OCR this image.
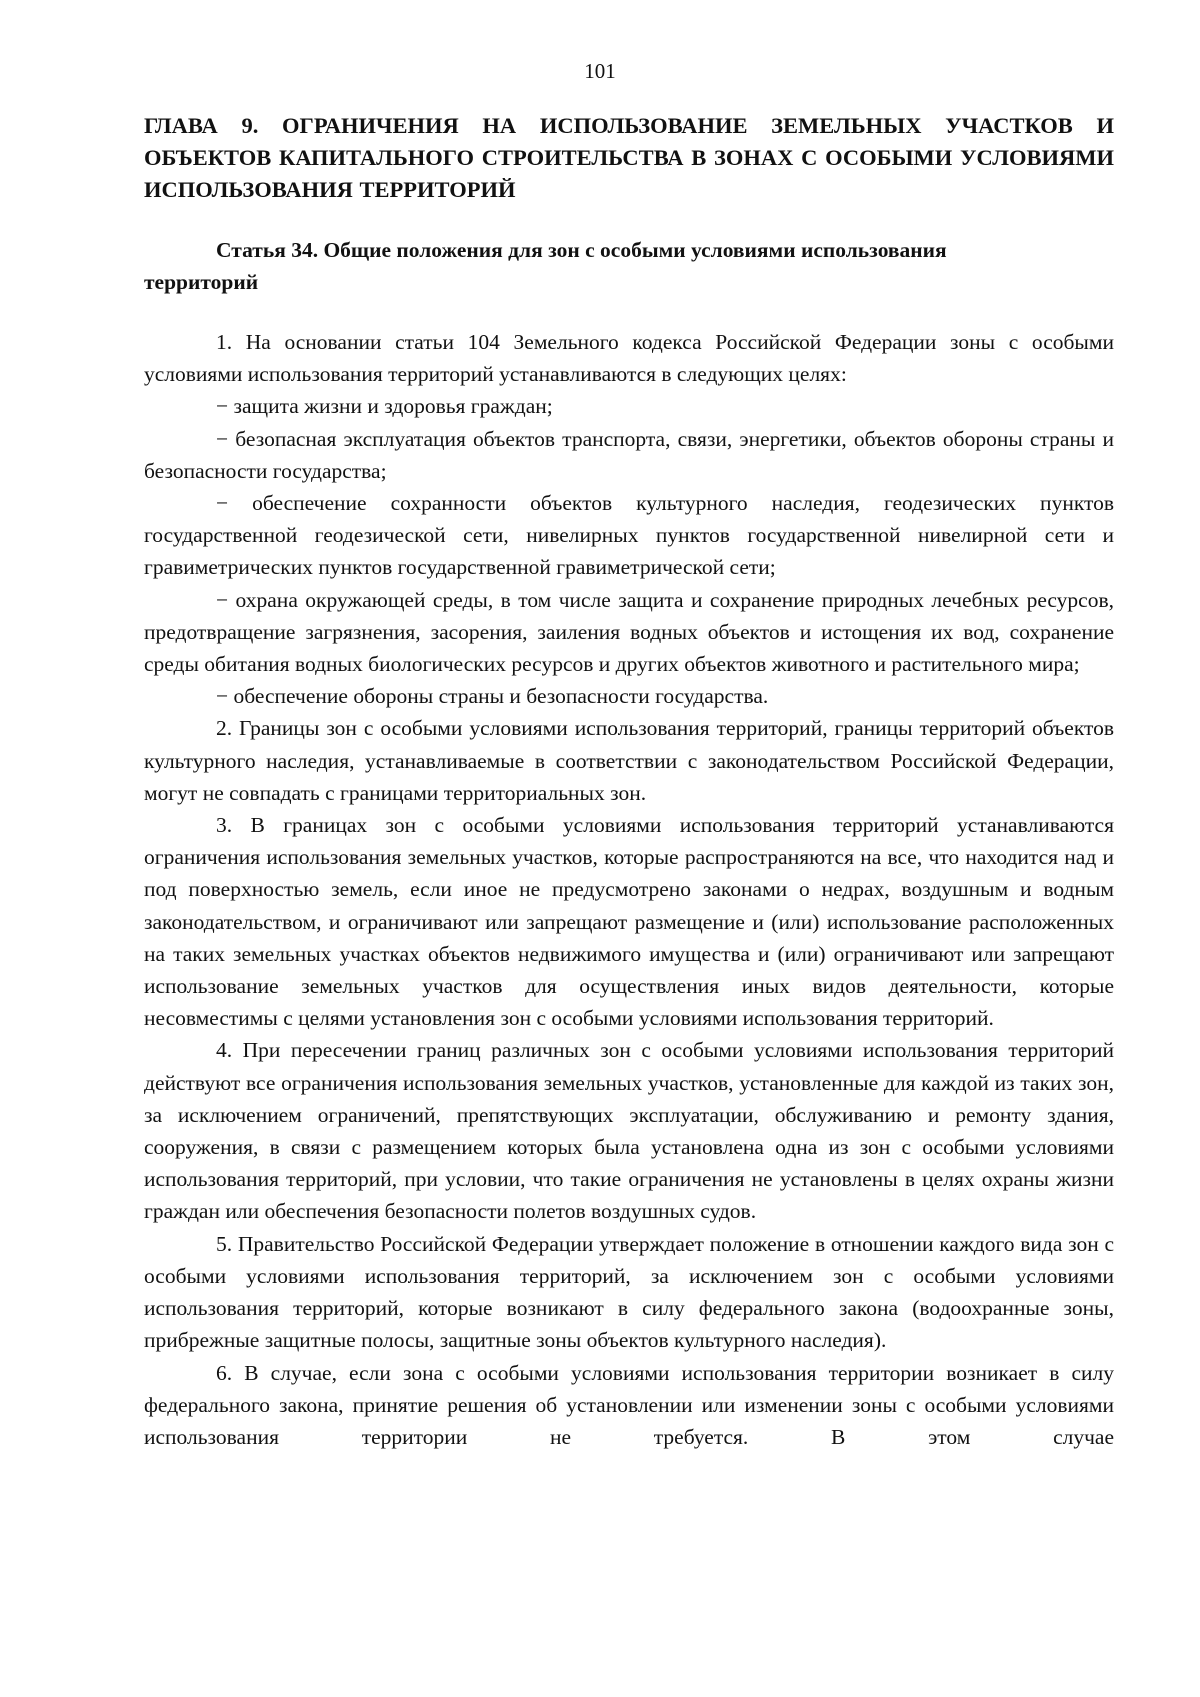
101
ГЛАВА 9. ОГРАНИЧЕНИЯ НА ИСПОЛЬЗОВАНИЕ ЗЕМЕЛЬНЫХ УЧАСТКОВ И ОБЪЕКТОВ КАПИТАЛЬНОГО СТРОИТЕЛЬСТВА В ЗОНАХ С ОСОБЫМИ УСЛОВИЯМИ ИСПОЛЬЗОВАНИЯ ТЕРРИТОРИЙ
Статья 34. Общие положения для зон с особыми условиями использования
территорий

1. На основании статьи 104 Земельного кодекса Российской Федерации зоны с особыми условиями использования территорий устанавливаются в следующих целях:

− защита жизни и здоровья граждан;

− безопасная эксплуатация объектов транспорта, связи, энергетики, объектов обороны страны и безопасности государства;

− обеспечение сохранности объектов культурного наследия, геодезических пунктов государственной геодезической сети, нивелирных пунктов государственной нивелирной сети и гравиметрических пунктов государственной гравиметрической сети;

− охрана окружающей среды, в том числе защита и сохранение природных лечебных ресурсов, предотвращение загрязнения, засорения, заиления водных объектов и истощения их вод, сохранение среды обитания водных биологических ресурсов и других объектов животного и растительного мира;

− обеспечение обороны страны и безопасности государства.

2. Границы зон с особыми условиями использования территорий, границы территорий объектов культурного наследия, устанавливаемые в соответствии с законодательством Российской Федерации, могут не совпадать с границами территориальных зон.

3. В границах зон с особыми условиями использования территорий устанавливаются ограничения использования земельных участков, которые распространяются на все, что находится над и под поверхностью земель, если иное не предусмотрено законами о недрах, воздушным и водным законодательством, и ограничивают или запрещают размещение и (или) использование расположенных на таких земельных участках объектов недвижимого имущества и (или) ограничивают или запрещают использование земельных участков для осуществления иных видов деятельности, которые несовместимы с целями установления зон с особыми условиями использования территорий.

4. При пересечении границ различных зон с особыми условиями использования территорий действуют все ограничения использования земельных участков, установленные для каждой из таких зон, за исключением ограничений, препятствующих эксплуатации, обслуживанию и ремонту здания, сооружения, в связи с размещением которых была установлена одна из зон с особыми условиями использования территорий, при условии, что такие ограничения не установлены в целях охраны жизни граждан или обеспечения безопасности полетов воздушных судов.

5. Правительство Российской Федерации утверждает положение в отношении каждого вида зон с особыми условиями использования территорий, за исключением зон с особыми условиями использования территорий, которые возникают в силу федерального закона (водоохранные зоны, прибрежные защитные полосы, защитные зоны объектов культурного наследия).

6. В случае, если зона с особыми условиями использования территории возникает в силу федерального закона, принятие решения об установлении или изменении зоны с особыми условиями использования территории не требуется. В этом случае
